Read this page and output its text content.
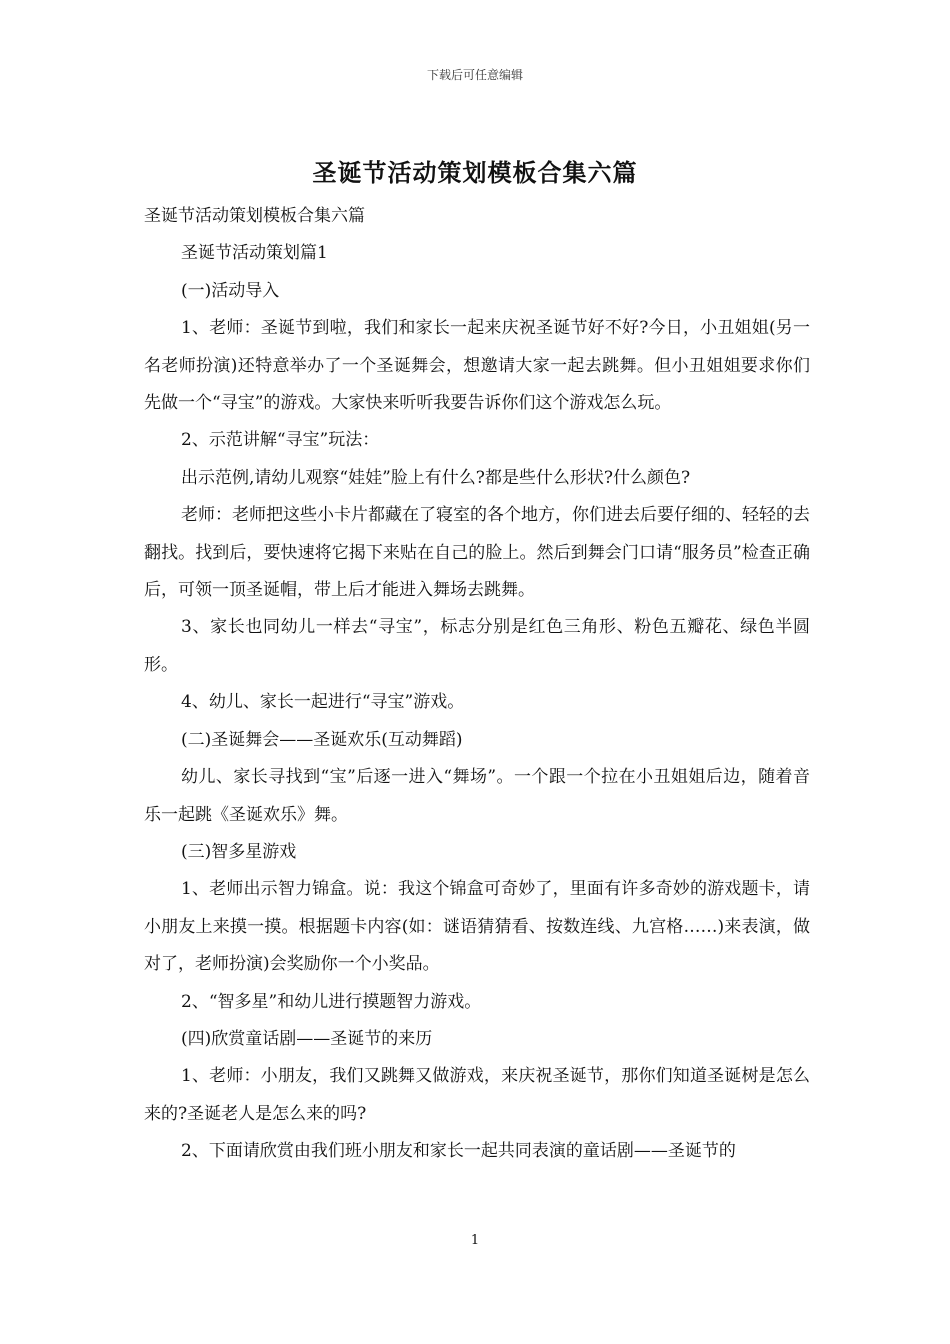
下载后可任意编辑
圣诞节活动策划模板合集六篇

圣诞节活动策划模板合集六篇

圣诞节活动策划篇1

(一)活动导入

1、老师：圣诞节到啦，我们和家长一起来庆祝圣诞节好不好?今日，小丑姐姐(另一名老师扮演)还特意举办了一个圣诞舞会，想邀请大家一起去跳舞。但小丑姐姐要求你们先做一个“寻宝”的游戏。大家快来听听我要告诉你们这个游戏怎么玩。

2、示范讲解“寻宝”玩法：

出示范例,请幼儿观察“娃娃”脸上有什么?都是些什么形状?什么颜色?

老师：老师把这些小卡片都藏在了寝室的各个地方，你们进去后要仔细的、轻轻的去翻找。找到后，要快速将它揭下来贴在自己的脸上。然后到舞会门口请“服务员”检查正确后，可领一顶圣诞帽，带上后才能进入舞场去跳舞。

3、家长也同幼儿一样去“寻宝”，标志分别是红色三角形、粉色五瓣花、绿色半圆形。

4、幼儿、家长一起进行“寻宝”游戏。

(二)圣诞舞会——圣诞欢乐(互动舞蹈)

幼儿、家长寻找到“宝”后逐一进入“舞场”。一个跟一个拉在小丑姐姐后边，随着音乐一起跳《圣诞欢乐》舞。

(三)智多星游戏

1、老师出示智力锦盒。说：我这个锦盒可奇妙了，里面有许多奇妙的游戏题卡，请小朋友上来摸一摸。根据题卡内容(如：谜语猜猜看、按数连线、九宫格……)来表演，做对了，老师扮演)会奖励你一个小奖品。

2、“智多星”和幼儿进行摸题智力游戏。

(四)欣赏童话剧——圣诞节的来历

1、老师：小朋友，我们又跳舞又做游戏，来庆祝圣诞节，那你们知道圣诞树是怎么来的?圣诞老人是怎么来的吗?

2、下面请欣赏由我们班小朋友和家长一起共同表演的童话剧——圣诞节的

1
